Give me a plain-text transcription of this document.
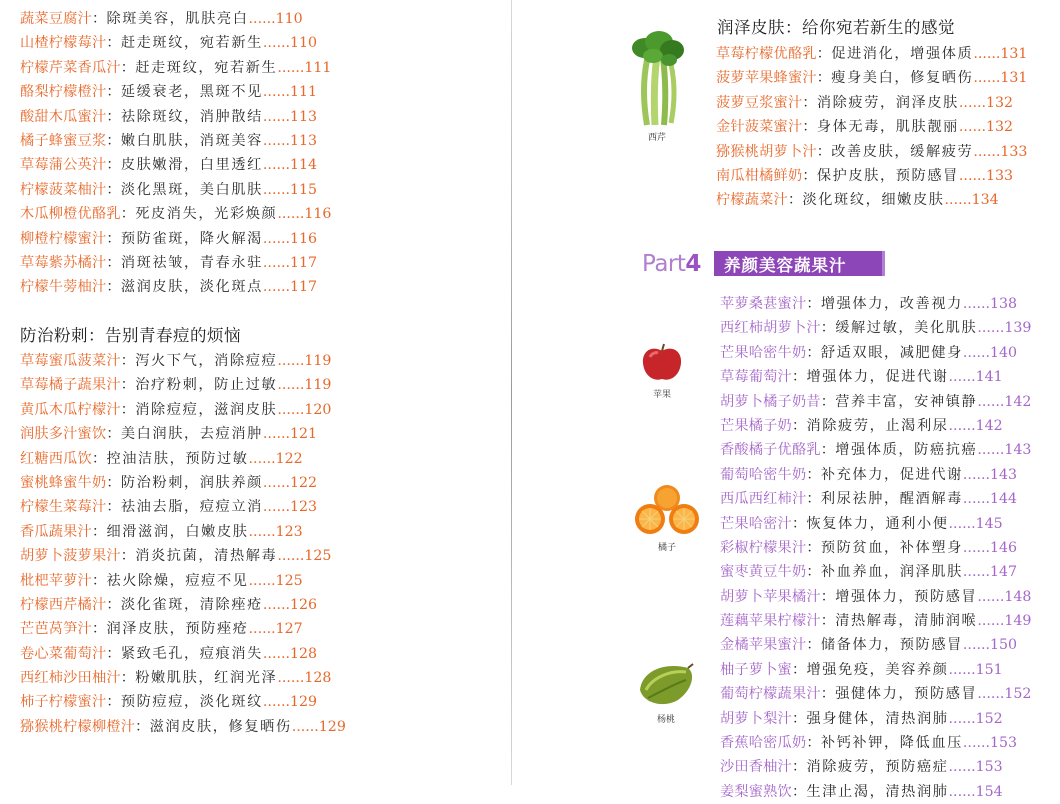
蔬菜豆腐汁：除斑美容，肌肤亮白......110
山楂柠檬莓汁：赶走斑纹，宛若新生......110
柠檬芹菜香瓜汁：赶走斑纹，宛若新生......111
酪梨柠檬橙汁：延缓衰老，黑斑不见......111
酸甜木瓜蜜汁：祛除斑纹，消肿散结......113
橘子蜂蜜豆浆：嫩白肌肤，消斑美容......113
草莓蒲公英汁：皮肤嫩滑，白里透红......114
柠檬菠菜柚汁：淡化黑斑，美白肌肤......115
木瓜柳橙优酪乳：死皮消失，光彩焕颜......116
柳橙柠檬蜜汁：预防雀斑，降火解渴......116
草莓紫苏橘汁：消斑祛皱，青春永驻......117
柠檬牛蒡柚汁：滋润皮肤，淡化斑点......117
防治粉刺：告别青春痘的烦恼
草莓蜜瓜菠菜汁：泻火下气，消除痘痘......119
草莓橘子蔬果汁：治疗粉刺，防止过敏......119
黄瓜木瓜柠檬汁：消除痘痘，滋润皮肤......120
润肤多汁蜜饮：美白润肤，去痘消肿......121
红糖西瓜饮：控油洁肤，预防过敏......122
蜜桃蜂蜜牛奶：防治粉刺，润肤养颜......122
柠檬生菜莓汁：祛油去脂，痘痘立消......123
香瓜蔬果汁：细滑滋润，白嫩皮肤......123
胡萝卜菠萝果汁：消炎抗菌，清热解毒......125
枇杷苹萝汁：祛火除燥，痘痘不见......125
柠檬西芹橘汁：淡化雀斑，清除痤疮......126
芒芭莴笋汁：润泽皮肤，预防痤疮......127
卷心菜葡萄汁：紧致毛孔，痘痕消失......128
西红柿沙田柚汁：粉嫩肌肤，红润光泽......128
柿子柠檬蜜汁：预防痘痘，淡化斑纹......129
猕猴桃柠檬柳橙汁：滋润皮肤，修复晒伤......129
润泽皮肤：给你宛若新生的感觉
草莓柠檬优酪乳：促进消化，增强体质......131
菠萝苹果蜂蜜汁：瘦身美白，修复晒伤......131
菠萝豆浆蜜汁：消除疲劳，润泽皮肤......132
金针菠菜蜜汁：身体无毒，肌肤靓丽......132
猕猴桃胡萝卜汁：改善皮肤，缓解疲劳......133
南瓜柑橘鲜奶：保护皮肤，预防感冒......133
柠檬蔬菜汁：淡化斑纹，细嫩皮肤......134
Part4	养颜美容蔬果汁
苹萝桑葚蜜汁：增强体力，改善视力......138
西红柿胡萝卜汁：缓解过敏，美化肌肤......139
芒果哈密牛奶：舒适双眼，减肥健身......140
草莓葡萄汁：增强体力，促进代谢......141
胡萝卜橘子奶昔：营养丰富，安神镇静......142
芒果橘子奶：消除疲劳，止渴利尿......142
香酸橘子优酪乳：增强体质，防癌抗癌......143
葡萄哈密牛奶：补充体力，促进代谢......143
西瓜西红柿汁：利尿祛肿，醒酒解毒......144
芒果哈密汁：恢复体力，通利小便......145
彩椒柠檬果汁：预防贫血，补体塑身......146
蜜枣黄豆牛奶：补血养血，润泽肌肤......147
胡萝卜苹果橘汁：增强体力，预防感冒......148
莲藕苹果柠檬汁：清热解毒，清肺润喉......149
金橘苹果蜜汁：储备体力，预防感冒......150
柚子萝卜蜜：增强免疫，美容养颜......151
葡萄柠檬蔬果汁：强健体力，预防感冒......152
胡萝卜梨汁：强身健体，清热润肺......152
香蕉哈密瓜奶：补钙补钾，降低血压......153
沙田香柚汁：消除疲劳，预防癌症......153
姜梨蜜熟饮：生津止渴，清热润肺......154
西芹
苹果
橘子
杨桃
